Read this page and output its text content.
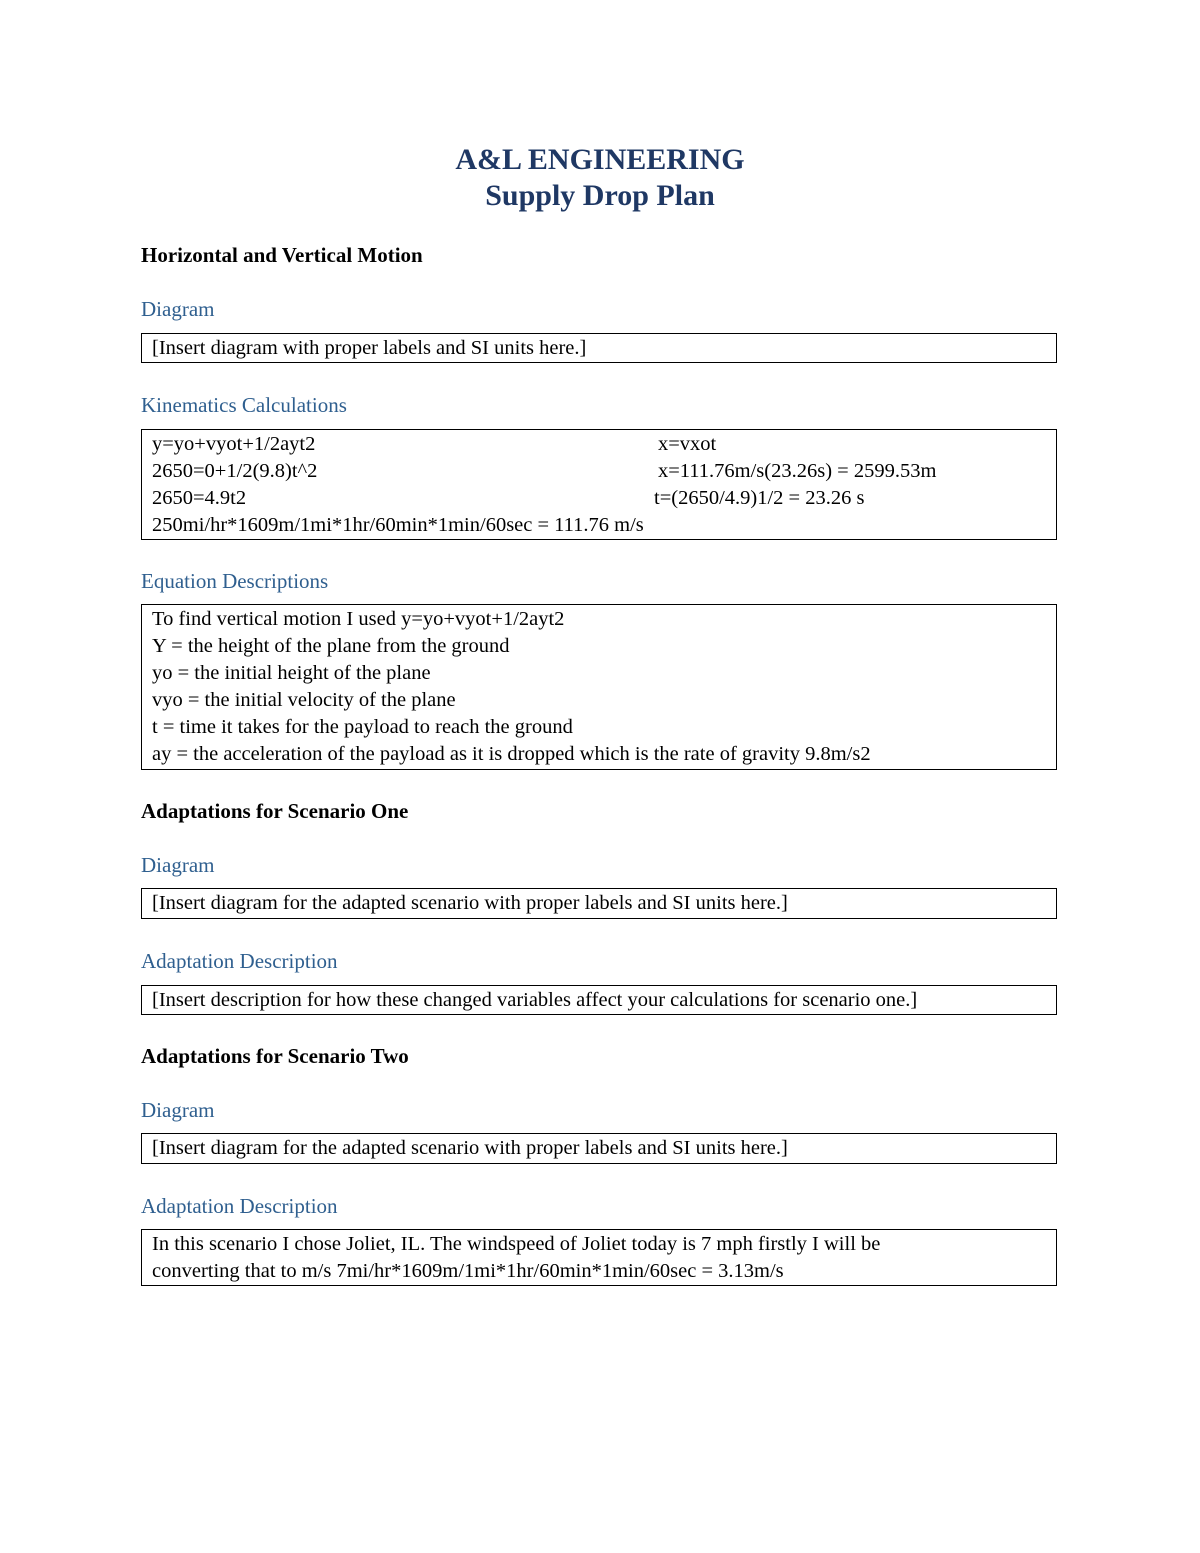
A&L ENGINEERING
Supply Drop Plan
Horizontal and Vertical Motion
Diagram
[Insert diagram with proper labels and SI units here.]
Kinematics Calculations
y=yo+vyot+1/2ayt2	x=vxot
2650=0+1/2(9.8)t^2	x=111.76m/s(23.26s) = 2599.53m
2650=4.9t2	t=(2650/4.9)1/2 = 23.26 s
250mi/hr*1609m/1mi*1hr/60min*1min/60sec = 111.76 m/s
Equation Descriptions
To find vertical motion I used y=yo+vyot+1/2ayt2
Y = the height of the plane from the ground
yo = the initial height of the plane
vyo = the initial velocity of the plane
t = time it takes for the payload to reach the ground
ay = the acceleration of the payload as it is dropped which is the rate of gravity 9.8m/s2
Adaptations for Scenario One
Diagram
[Insert diagram for the adapted scenario with proper labels and SI units here.]
Adaptation Description
[Insert description for how these changed variables affect your calculations for scenario one.]
Adaptations for Scenario Two
Diagram
[Insert diagram for the adapted scenario with proper labels and SI units here.]
Adaptation Description
In this scenario I chose Joliet, IL. The windspeed of Joliet today is 7 mph firstly I will be
converting that to m/s 7mi/hr*1609m/1mi*1hr/60min*1min/60sec = 3.13m/s
